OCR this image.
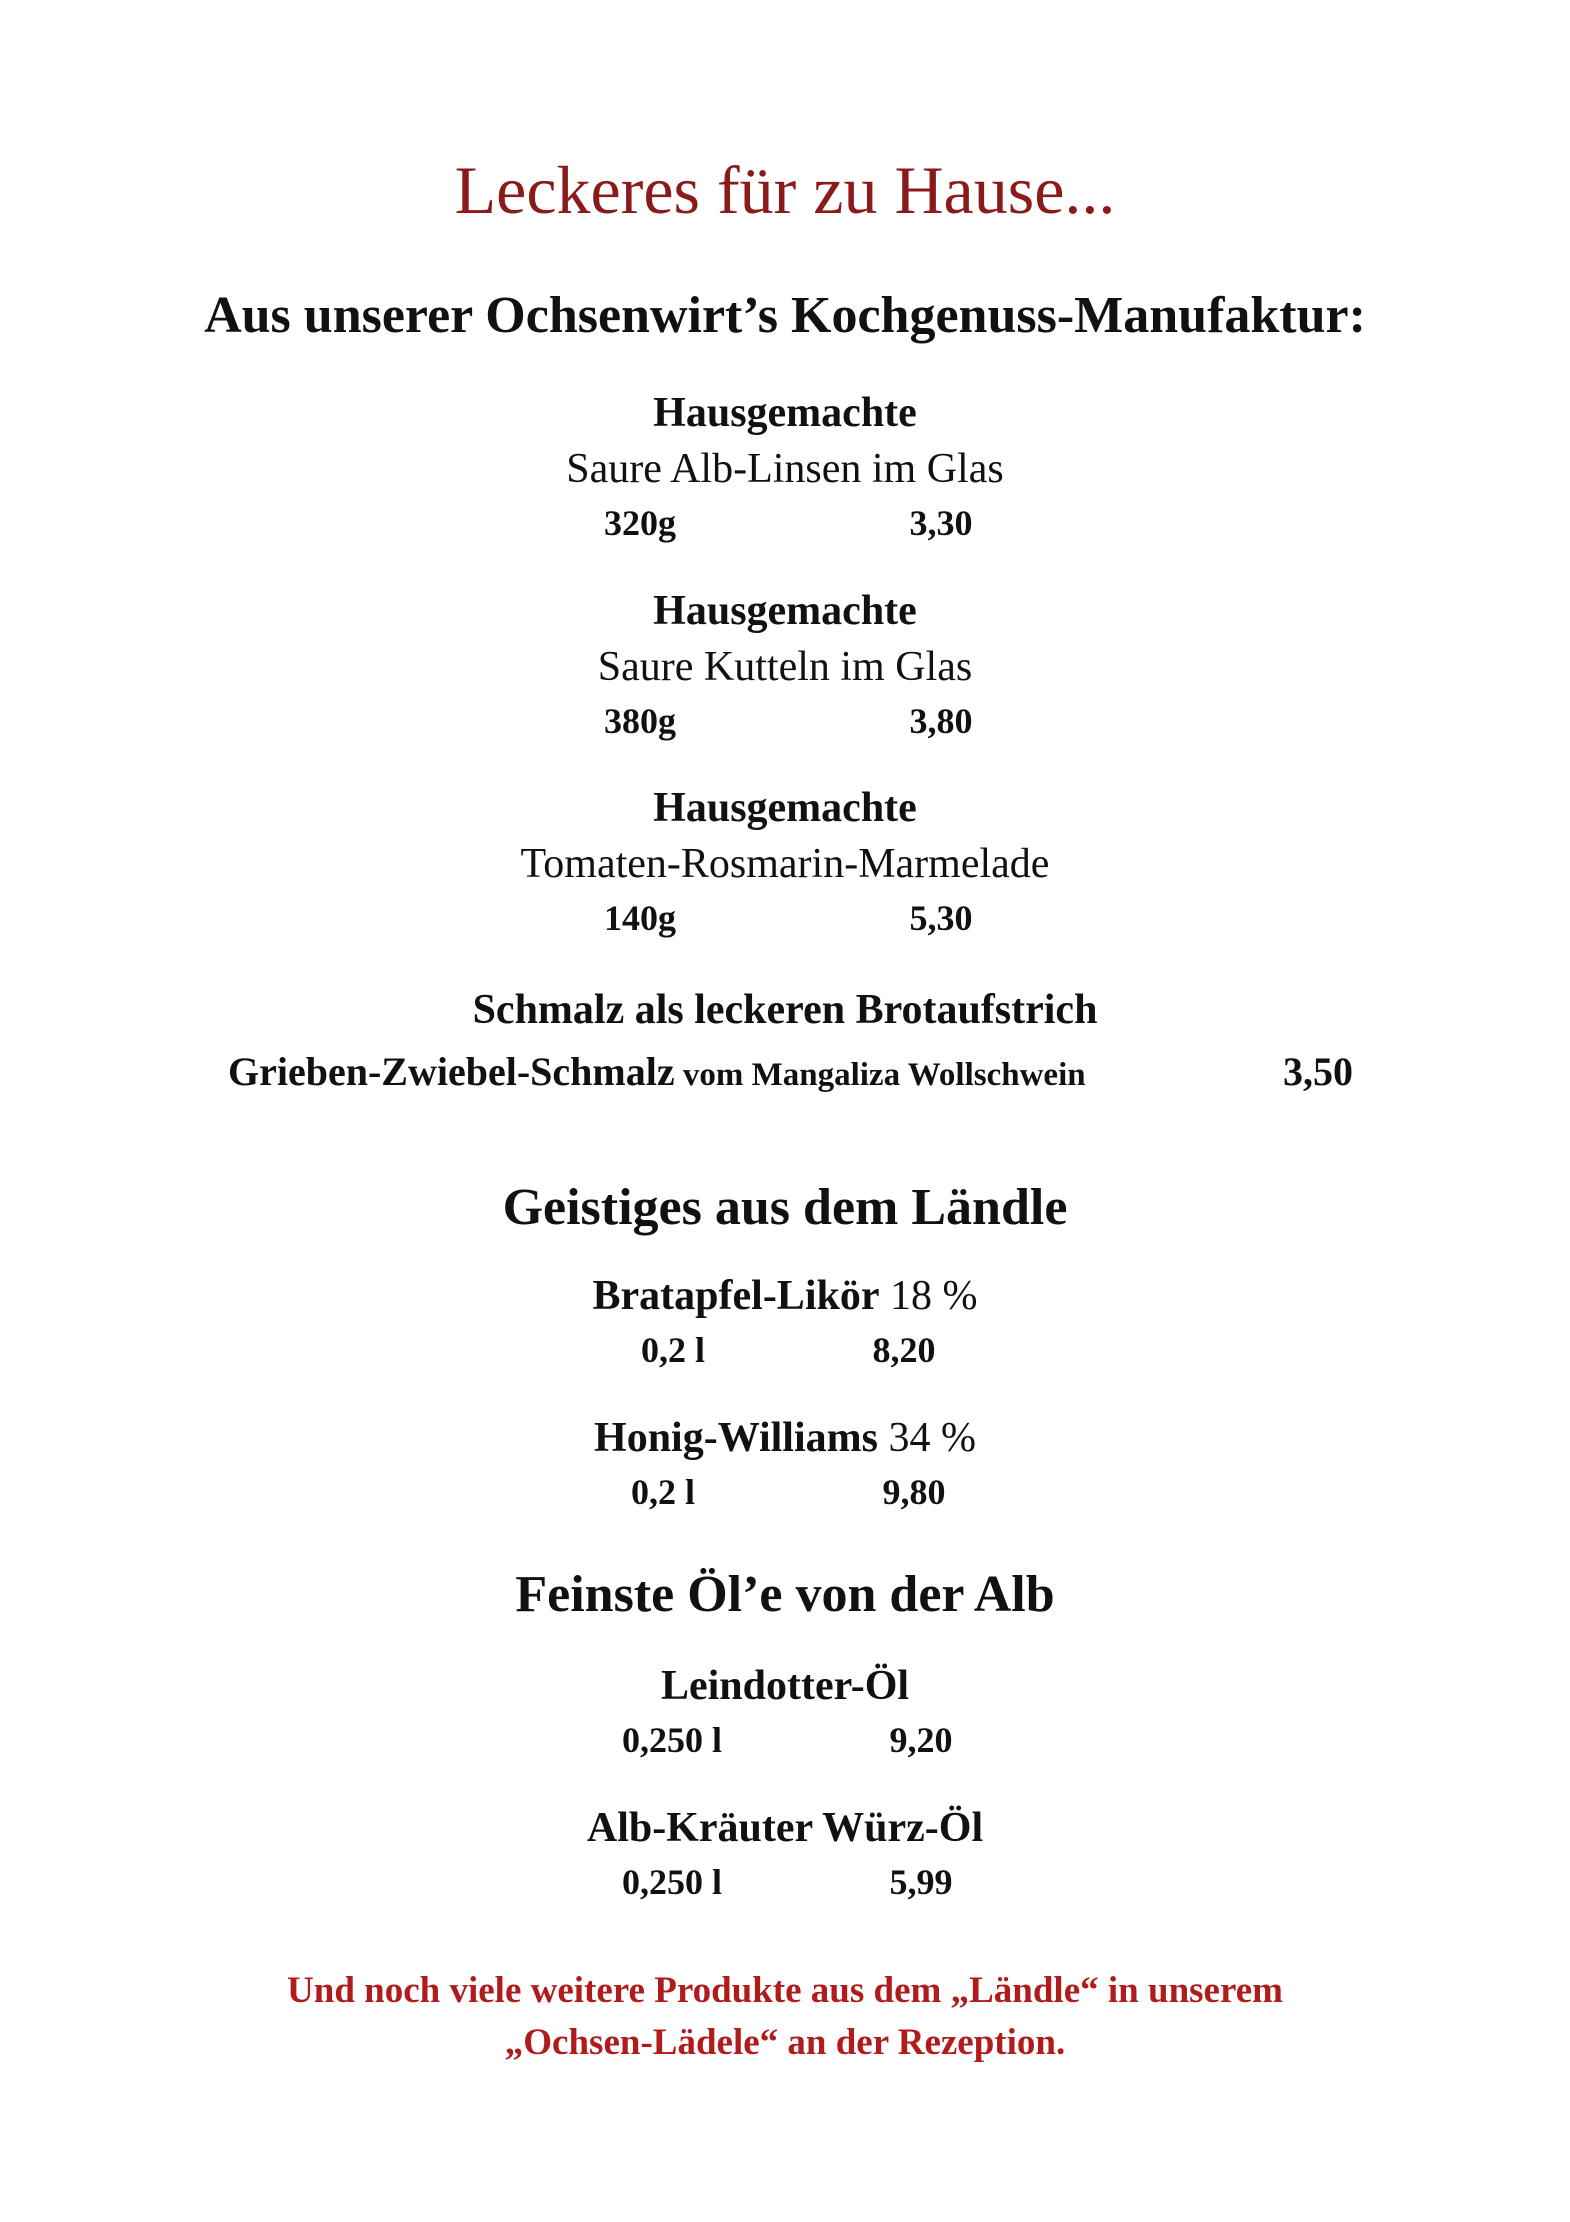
Leckeres für zu Hause...
Aus unserer Ochsenwirt’s Kochgenuss-Manufaktur:
Hausgemachte
Saure Alb-Linsen im Glas
320g	3,30
Hausgemachte
Saure Kutteln im Glas
380g	3,80
Hausgemachte
Tomaten-Rosmarin-Marmelade
140g	5,30
Schmalz als leckeren Brotaufstrich
Grieben-Zwiebel-Schmalz vom Mangaliza Wollschwein	3,50
Geistiges aus dem Ländle
Bratapfel-Likör 18 %
0,2 l	8,20
Honig-Williams 34 %
0,2 l	9,80
Feinste Öl’e von der Alb
Leindotter-Öl
0,250 l	9,20
Alb-Kräuter Würz-Öl
0,250 l	5,99
Und noch viele weitere Produkte aus dem „Ländle“ in unserem
„Ochsen-Lädele“ an der Rezeption.
